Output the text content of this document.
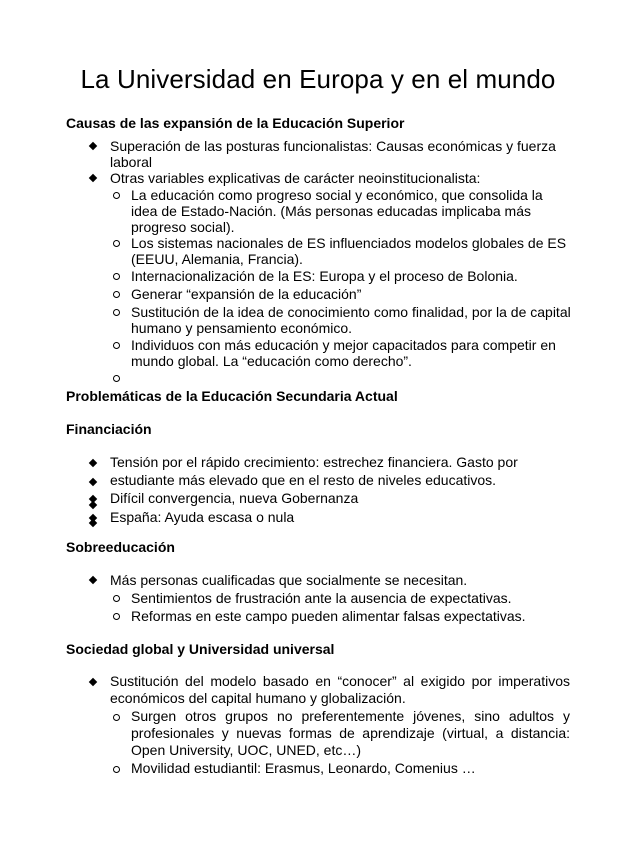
La Universidad en Europa y en el mundo
Causas de las expansión de la Educación Superior
Superación de las posturas funcionalistas: Causas económicas y fuerza laboral
Otras variables explicativas de carácter neoinstitucionalista:
La educación como progreso social y económico, que consolida la idea de Estado-Nación. (Más personas educadas implicaba más progreso social).
Los sistemas nacionales de ES influenciados modelos globales de ES (EEUU, Alemania, Francia).
Internacionalización de la ES: Europa y el proceso de Bolonia.
Generar “expansión de la educación”
Sustitución de la idea de conocimiento como finalidad, por la de capital humano y pensamiento económico.
Individuos con más educación y mejor capacitados para competir en mundo global. La “educación como derecho”.
Problemáticas de la Educación Secundaria Actual
Financiación
Tensión por el rápido crecimiento: estrechez financiera. Gasto por estudiante más elevado que en el resto de niveles educativos.
Difícil convergencia, nueva Gobernanza
España: Ayuda escasa o nula
Sobreeducación
Más personas cualificadas que socialmente se necesitan.
Sentimientos de frustración ante la ausencia de expectativas.
Reformas en este campo pueden alimentar falsas expectativas.
Sociedad global y Universidad universal
Sustitución del modelo basado en “conocer” al exigido por imperativos económicos del capital humano y globalización.
Surgen otros grupos no preferentemente jóvenes, sino adultos y profesionales y nuevas formas de aprendizaje (virtual, a distancia: Open University, UOC, UNED, etc…)
Movilidad estudiantil: Erasmus, Leonardo, Comenius …
